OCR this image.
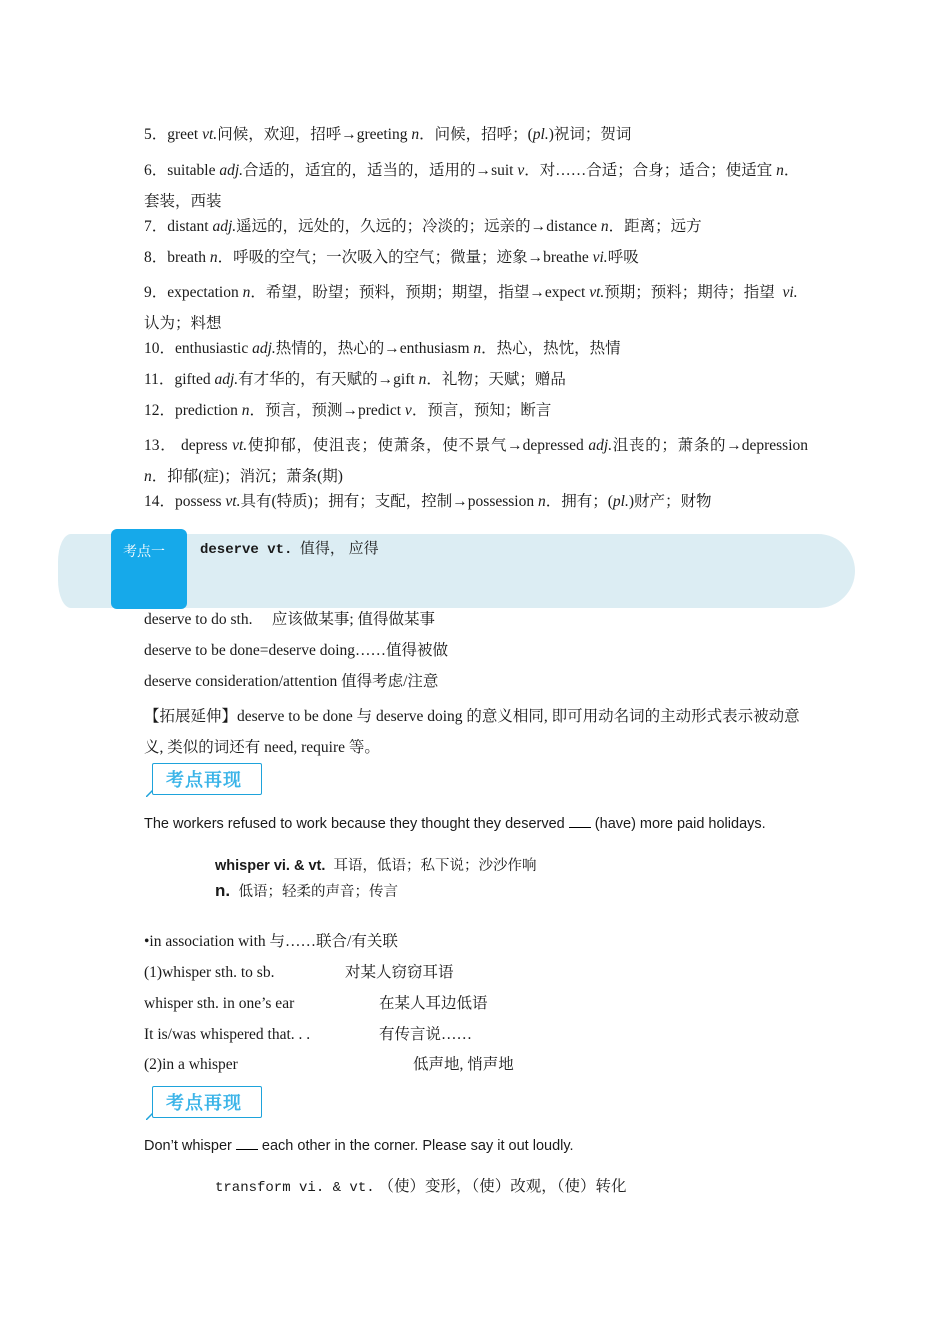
5．greet vt.问候，欢迎，招呼→greeting n．问候，招呼；(pl.)祝词；贺词
6．suitable adj.合适的，适宜的，适当的，适用的→suit v．对……合适；合身；适合；使适宜 n．套装，西装
7．distant adj.遥远的，远处的，久远的；冷淡的；远亲的→distance n．距离；远方
8．breath n．呼吸的空气；一次吸入的空气；微量；迹象→breathe vi.呼吸
9．expectation n．希望，盼望；预料，预期；期望，指望→expect vt.预期；预料；期待；指望 vi.认为；料想
10．enthusiastic adj.热情的，热心的→enthusiasm n．热心，热忱，热情
11．gifted adj.有才华的，有天赋的→gift n．礼物；天赋；赠品
12．prediction n．预言，预测→predict v．预言，预知；断言
13． depress vt.使抑郁，使沮丧；使萧条，使不景气→depressed adj.沮丧的；萧条的→depression n．抑郁(症)；消沉；萧条(期)
14．possess vt.具有(特质)；拥有；支配，控制→possession n．拥有；(pl.)财产；财物
考点一	deserve vt. 值得， 应得
deserve to do sth.　 应该做某事; 值得做某事
deserve to be done=deserve doing……值得被做
deserve consideration/attention 值得考虑/注意
【拓展延伸】deserve to be done 与 deserve doing 的意义相同, 即可用动名词的主动形式表示被动意义, 类似的词还有 need, require 等。
考点再现
The workers refused to work because they thought they deserved (have) more paid holidays.
whisper vi. & vt. 耳语，低语；私下说；沙沙作响
n. 低语；轻柔的声音；传言
•in association with 与……联合/有关联
(1)whisper sth. to sb.	对某人窃窃耳语
whisper sth. in one’s ear	在某人耳边低语
It is/was whispered that. . .	有传言说……
(2)in a whisper	低声地, 悄声地
考点再现
Don’t whisper each other in the corner. Please say it out loudly.
transform vi. & vt. （使）变形，（使）改观，（使）转化
